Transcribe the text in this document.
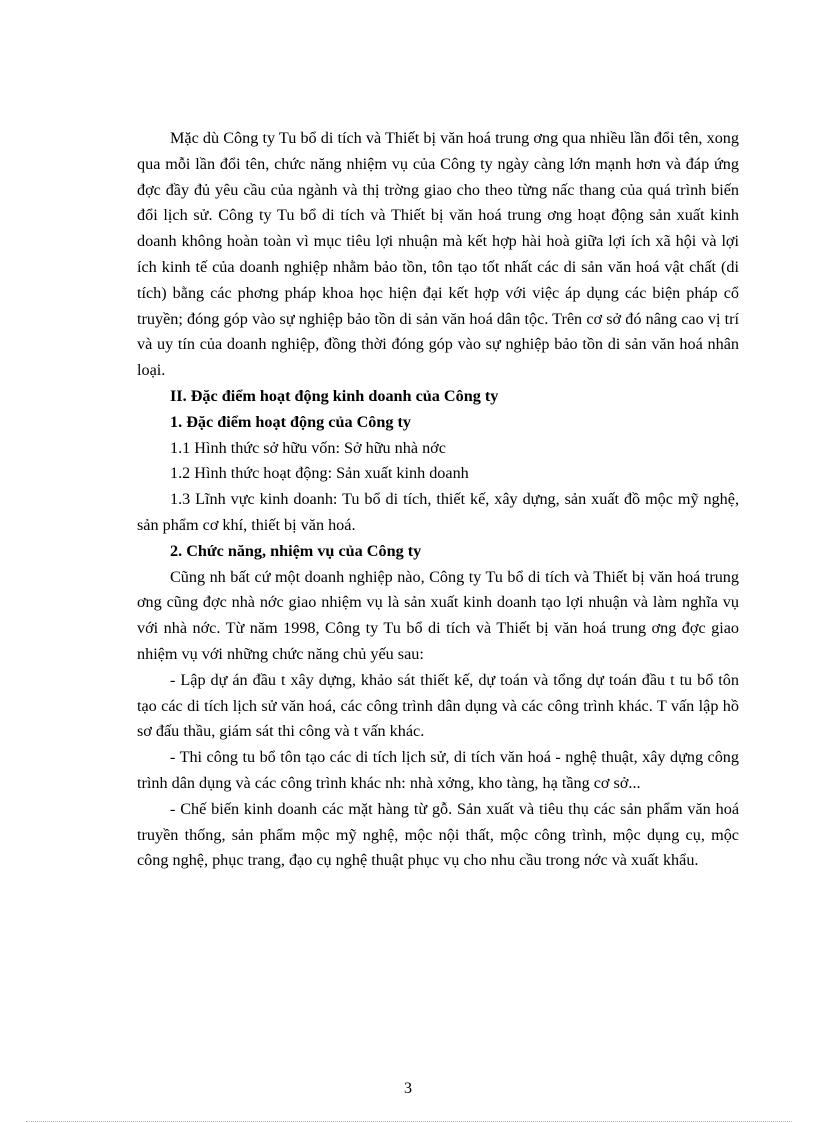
Mặc dù Công ty Tu bổ di tích và Thiết bị văn hoá trung ơng qua nhiều lần đổi tên, xong qua mỗi lần đổi tên, chức năng nhiệm vụ của Công ty ngày càng lớn mạnh hơn và đáp ứng đợc đầy đủ yêu cầu của ngành và thị trờng giao cho theo từng nấc thang của quá trình biến đổi lịch sử. Công ty Tu bổ di tích và Thiết bị văn hoá trung ơng hoạt động sản xuất kinh doanh không hoàn toàn vì mục tiêu lợi nhuận mà kết hợp hài hoà giữa lợi ích xã hội và lợi ích kinh tế của doanh nghiệp nhằm bảo tồn, tôn tạo tốt nhất các di sản văn hoá vật chất (di tích) bằng các phơng pháp khoa học hiện đại kết hợp với việc áp dụng các biện pháp cổ truyền; đóng góp vào sự nghiệp bảo tồn di sản văn hoá dân tộc. Trên cơ sở đó nâng cao vị trí và uy tín của doanh nghiệp, đồng thời đóng góp vào sự nghiệp bảo tồn di sản văn hoá nhân loại.

II. Đặc điểm hoạt động kinh doanh của Công ty

1. Đặc điểm hoạt động của Công ty

1.1 Hình thức sở hữu vốn: Sở hữu nhà nớc

1.2 Hình thức hoạt động: Sản xuất kinh doanh

1.3 Lĩnh vực kinh doanh: Tu bổ di tích, thiết kế, xây dựng, sản xuất đồ mộc mỹ nghệ, sản phẩm cơ khí, thiết bị văn hoá.

2. Chức năng, nhiệm vụ của Công ty

Cũng nh bất cứ một doanh nghiệp nào, Công ty Tu bổ di tích và Thiết bị văn hoá trung ơng cũng đợc nhà nớc giao nhiệm vụ là sản xuất kinh doanh tạo lợi nhuận và làm nghĩa vụ với nhà nớc. Từ năm 1998, Công ty Tu bổ di tích và Thiết bị văn hoá trung ơng đợc giao nhiệm vụ với những chức năng chủ yếu sau:

- Lập dự án đầu t xây dựng, khảo sát thiết kế, dự toán và tổng dự toán đầu t tu bổ tôn tạo các di tích lịch sử văn hoá, các công trình dân dụng và các công trình khác. T vấn lập hồ sơ đấu thầu, giám sát thi công và t vấn khác.

- Thi công tu bổ tôn tạo các di tích lịch sử, di tích văn hoá - nghệ thuật, xây dựng công trình dân dụng và các công trình khác nh: nhà xởng, kho tàng, hạ tầng cơ sở...

- Chế biến kinh doanh các mặt hàng từ gỗ. Sản xuất và tiêu thụ các sản phẩm văn hoá truyền thống, sản phẩm mộc mỹ nghệ, mộc nội thất, mộc công trình, mộc dụng cụ, mộc công nghệ, phục trang, đạo cụ nghệ thuật phục vụ cho nhu cầu trong nớc và xuất khẩu.

3
